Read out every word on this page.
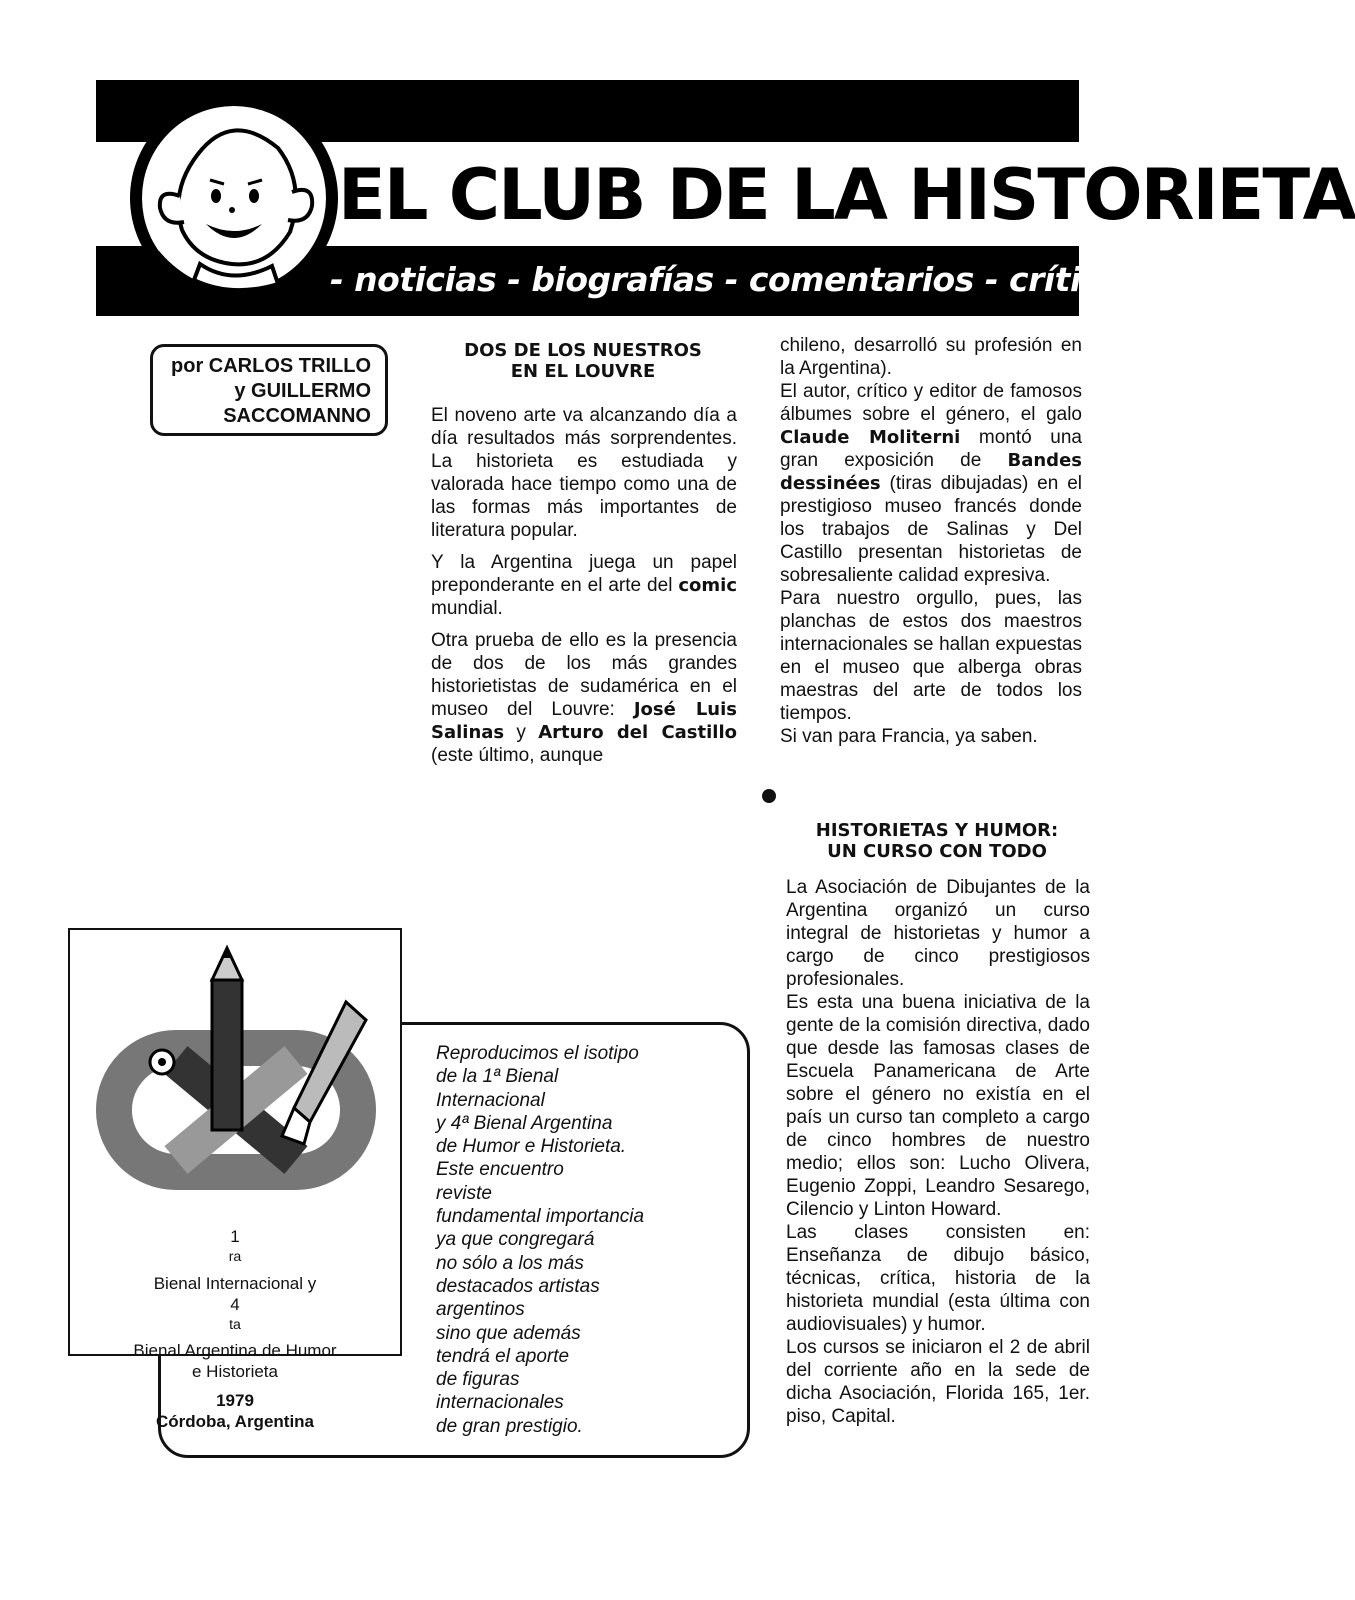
EL CLUB DE LA HISTORIETA
- noticias - biografías - comentarios - críticas -
por CARLOS TRILLO
y GUILLERMO
SACCOMANNO
DOS DE LOS NUESTROS
EN EL LOUVRE

El noveno arte va alcanzando día a día resultados más sorprendentes. La historieta es estudiada y valorada hace tiempo como una de las formas más importantes de literatura popular.

Y la Argentina juega un papel preponderante en el arte del comic mundial.

Otra prueba de ello es la presencia de dos de los más grandes historietistas de sudamérica en el museo del Louvre: José Luis Salinas y Arturo del Castillo (este último, aunque

chileno, desarrolló su profesión en la Argentina).

El autor, crítico y editor de famosos álbumes sobre el género, el galo Claude Moliterni montó una gran exposición de Bandes dessinées (tiras dibujadas) en el prestigioso museo francés donde los trabajos de Salinas y Del Castillo presentan historietas de sobresaliente calidad expresiva.

Para nuestro orgullo, pues, las planchas de estos dos maestros internacionales se hallan expuestas en el museo que alberga obras maestras del arte de todos los tiempos.

Si van para Francia, ya saben.

HISTORIETAS Y HUMOR:
UN CURSO CON TODO

La Asociación de Dibujantes de la Argentina organizó un curso integral de historietas y humor a cargo de cinco prestigiosos profesionales.

Es esta una buena iniciativa de la gente de la comisión directiva, dado que desde las famosas clases de Escuela Panamericana de Arte sobre el género no existía en el país un curso tan completo a cargo de cinco hombres de nuestro medio; ellos son: Lucho Olivera, Eugenio Zoppi, Leandro Sesarego, Cilencio y Linton Howard.

Las clases consisten en: Enseñanza de dibujo básico, técnicas, crítica, historia de la historieta mundial (esta última con audiovisuales) y humor.

Los cursos se iniciaron el 2 de abril del corriente año en la sede de dicha Asociación, Florida 165, 1er. piso, Capital.

Reproducimos el isotipo
de la 1ª Bienal
Internacional
y 4ª Bienal Argentina
de Humor e Historieta.
Este encuentro
reviste
fundamental importancia
ya que congregará
no sólo a los más
destacados artistas
argentinos
sino que además
tendrá el aporte
de figuras
internacionales
de gran prestigio.
1
$^{ra}$
Bienal Internacional y
4
$^{ta}$
Bienal Argentina de Humor
e Historieta
1979
Córdoba, Argentina
